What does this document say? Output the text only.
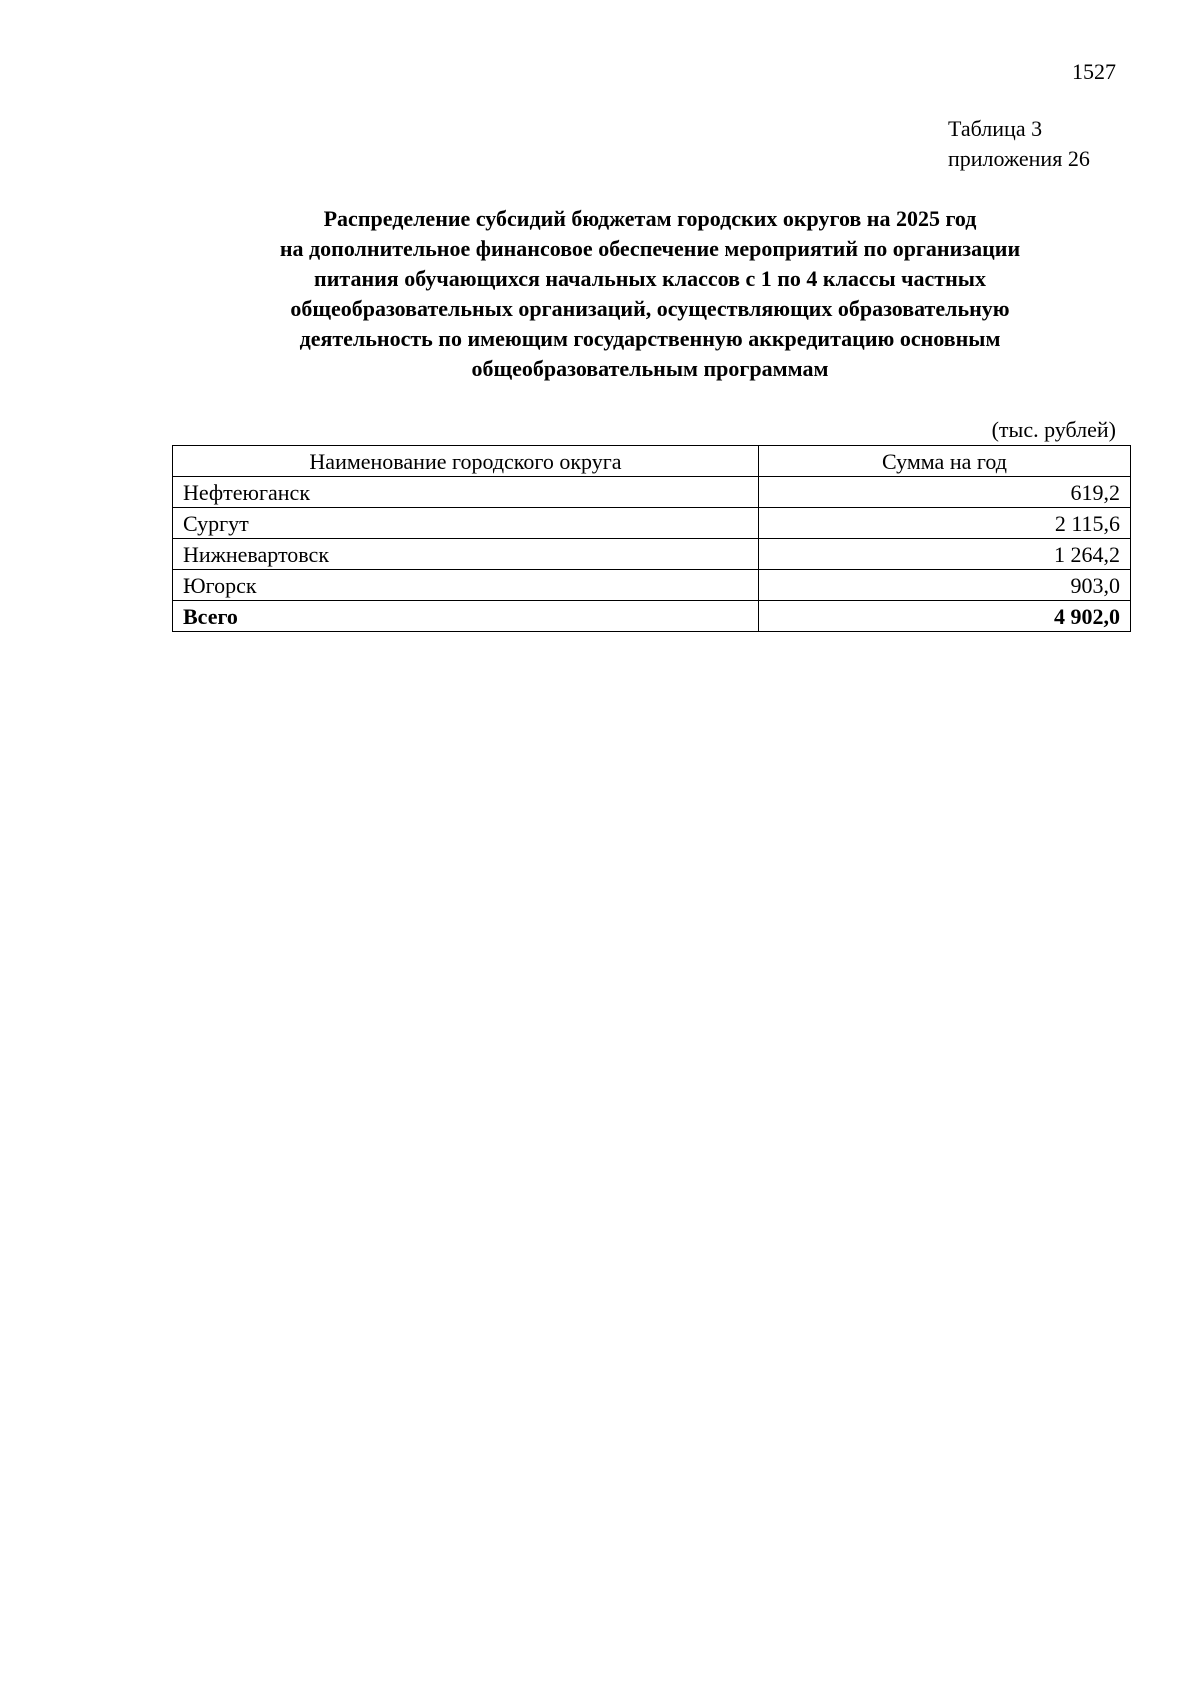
1527
Таблица 3
приложения 26
Распределение субсидий бюджетам городских округов на 2025 год
на дополнительное финансовое обеспечение мероприятий по организации
питания обучающихся начальных классов с 1 по 4 классы частных
общеобразовательных организаций, осуществляющих образовательную
деятельность по имеющим государственную аккредитацию основным
общеобразовательным программам
(тыс. рублей)
Наименование городского округа	Сумма на год
Нефтеюганск	619,2
Сургут	2 115,6
Нижневартовск	1 264,2
Югорск	903,0
Всего	4 902,0
